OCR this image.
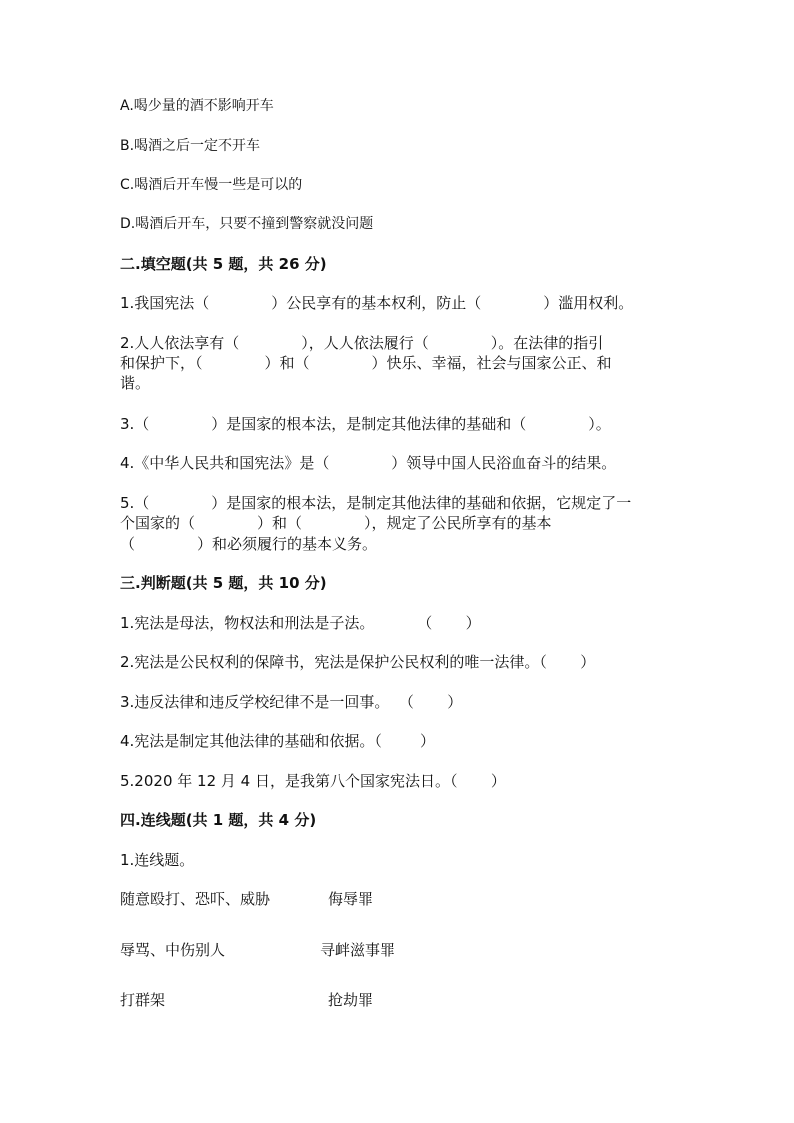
A.喝少量的酒不影响开车
B.喝酒之后一定不开车
C.喝酒后开车慢一些是可以的
D.喝酒后开车，只要不撞到警察就没问题
二.填空题(共 5 题，共 26 分)
1.我国宪法（             ）公民享有的基本权利，防止（             ）滥用权利。
2.人人依法享有（             ），人人依法履行（             ）。在法律的指引
和保护下，（             ）和（             ）快乐、幸福，社会与国家公正、和
谐。
3.（             ）是国家的根本法，是制定其他法律的基础和（             ）。
4.《中华人民共和国宪法》是（             ）领导中国人民浴血奋斗的结果。
5.（             ）是国家的根本法，是制定其他法律的基础和依据，它规定了一
个国家的（             ）和（             ），规定了公民所享有的基本
（             ）和必须履行的基本义务。
三.判断题(共 5 题，共 10 分)
1.宪法是母法，物权法和刑法是子法。         （       ）
2.宪法是公民权利的保障书，宪法是保护公民权利的唯一法律。（       ）
3.违反法律和违反学校纪律不是一回事。  （       ）
4.宪法是制定其他法律的基础和依据。（        ）
5.2020 年 12 月 4 日，是我第八个国家宪法日。（       ）
四.连线题(共 1 题，共 4 分)
1.连线题。
随意殴打、恐吓、威胁	侮辱罪
辱骂、中伤别人	寻衅滋事罪
打群架	抢劫罪
